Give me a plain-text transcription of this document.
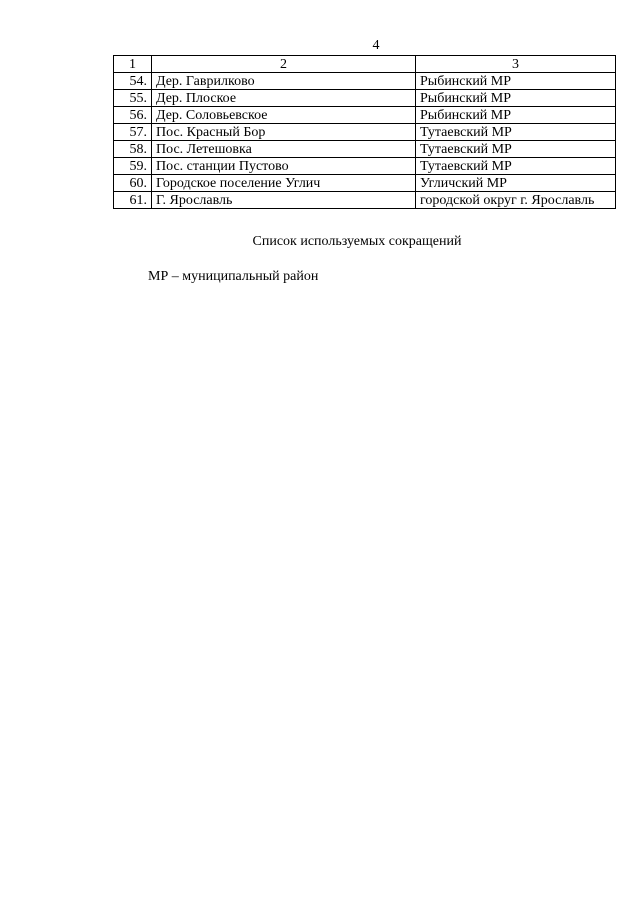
4
1	2	3
54.	Дер. Гаврилково	Рыбинский МР
55.	Дер. Плоское	Рыбинский МР
56.	Дер. Соловьевское	Рыбинский МР
57.	Пос. Красный Бор	Тутаевский МР
58.	Пос. Летешовка	Тутаевский МР
59.	Пос. станции Пустово	Тутаевский МР
60.	Городское поселение Углич	Угличский МР
61.	Г. Ярославль	городской округ г. Ярославль
Список используемых сокращений
МР – муниципальный район
